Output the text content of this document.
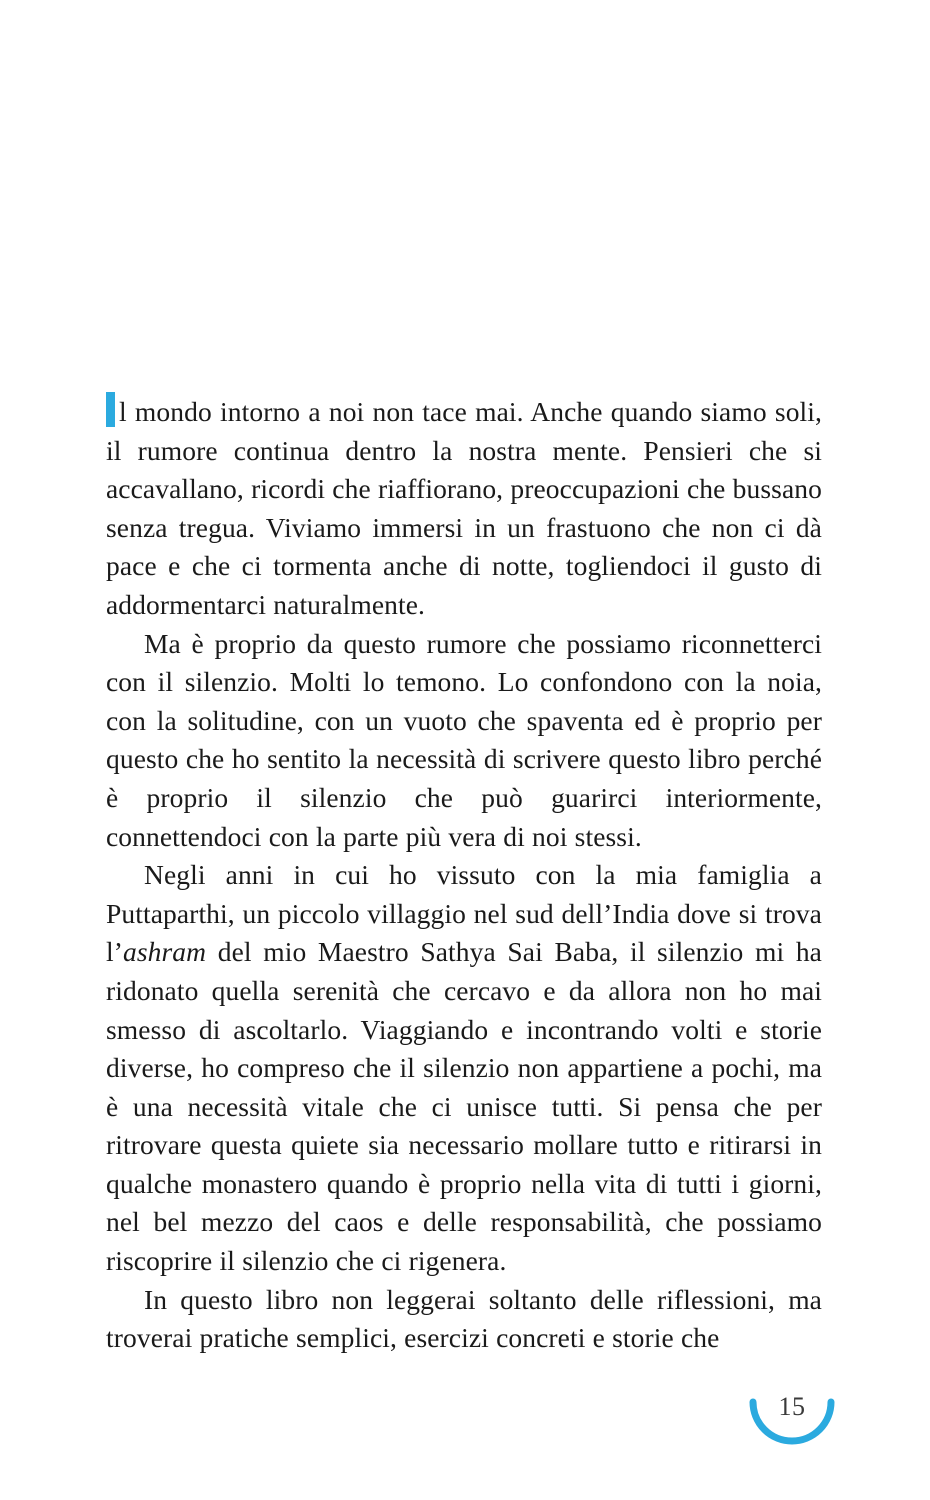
l mondo intorno a noi non tace mai. Anche quando siamo soli, il rumore continua dentro la nostra mente. Pensieri che si accavallano, ricordi che riaffiorano, preoccupazioni che bussano senza tregua. Viviamo immersi in un frastuono che non ci dà pace e che ci tormenta anche di notte, togliendoci il gusto di addormentarci naturalmente.

Ma è proprio da questo rumore che possiamo riconnetterci con il silenzio. Molti lo temono. Lo confondono con la noia, con la solitudine, con un vuoto che spaventa ed è proprio per questo che ho sentito la necessità di scrivere questo libro perché è proprio il silenzio che può guarirci interiormente, connettendoci con la parte più vera di noi stessi.

Negli anni in cui ho vissuto con la mia famiglia a Puttaparthi, un piccolo villaggio nel sud dell’India dove si trova l’ashram del mio Maestro Sathya Sai Baba, il silenzio mi ha ridonato quella serenità che cercavo e da allora non ho mai smesso di ascoltarlo. Viaggiando e incontrando volti e storie diverse, ho compreso che il silenzio non appartiene a pochi, ma è una necessità vitale che ci unisce tutti. Si pensa che per ritrovare questa quiete sia necessario mollare tutto e ritirarsi in qualche monastero quando è proprio nella vita di tutti i giorni, nel bel mezzo del caos e delle responsabilità, che possiamo riscoprire il silenzio che ci rigenera.

In questo libro non leggerai soltanto delle riflessioni, ma troverai pratiche semplici, esercizi concreti e storie che

15
